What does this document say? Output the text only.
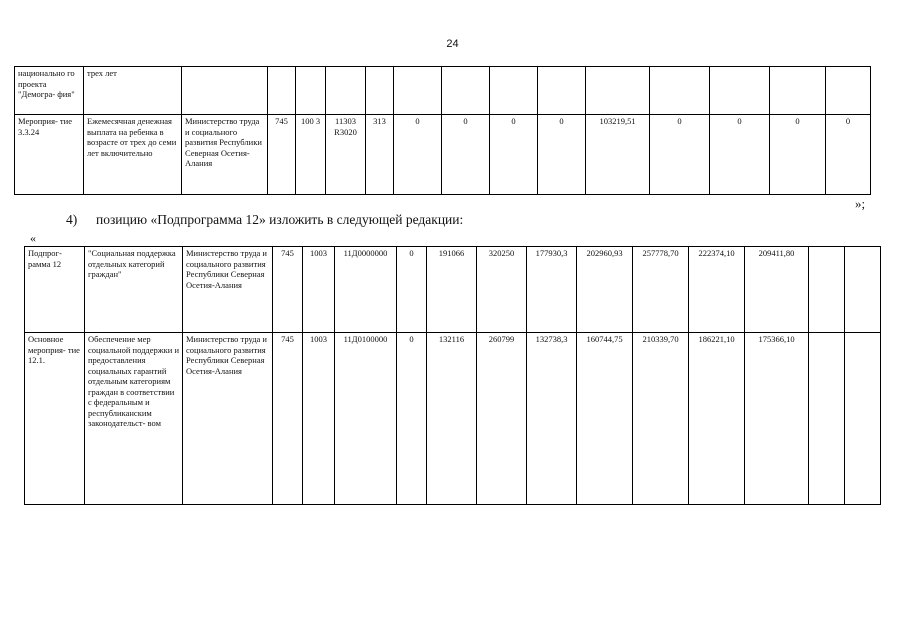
24
национально го проекта "Демогра- фия"	трех лет														
Мероприя- тие 3.3.24	Ежемесячная денежная выплата на ребенка в возрасте от трех до семи лет включительно	Министерство труда и социального развития Республики Северная Осетия-Алания	745	100 3	11303 R3020	313	0	0	0	0	103219,51	0	0	0	0
»;
4) позицию «Подпрограмма 12» изложить в следующей редакции:
«
Подпрог- рамма 12	"Социальная поддержка отдельных категорий граждан"	Министерство труда и социального развития Республики Северная Осетия-Алания	745	1003	11Д0000000	0	191066	320250	177930,3	202960,93	257778,70	222374,10	209411,80		
Основное мероприя- тие 12.1.	Обеспечение мер социальной поддержки и предоставления социальных гарантий отдельным категориям граждан в соответствии с федеральным и республиканским законодательст- вом	Министерство труда и социального развития Республики Северная Осетия-Алания	745	1003	11Д0100000	0	132116	260799	132738,3	160744,75	210339,70	186221,10	175366,10		
